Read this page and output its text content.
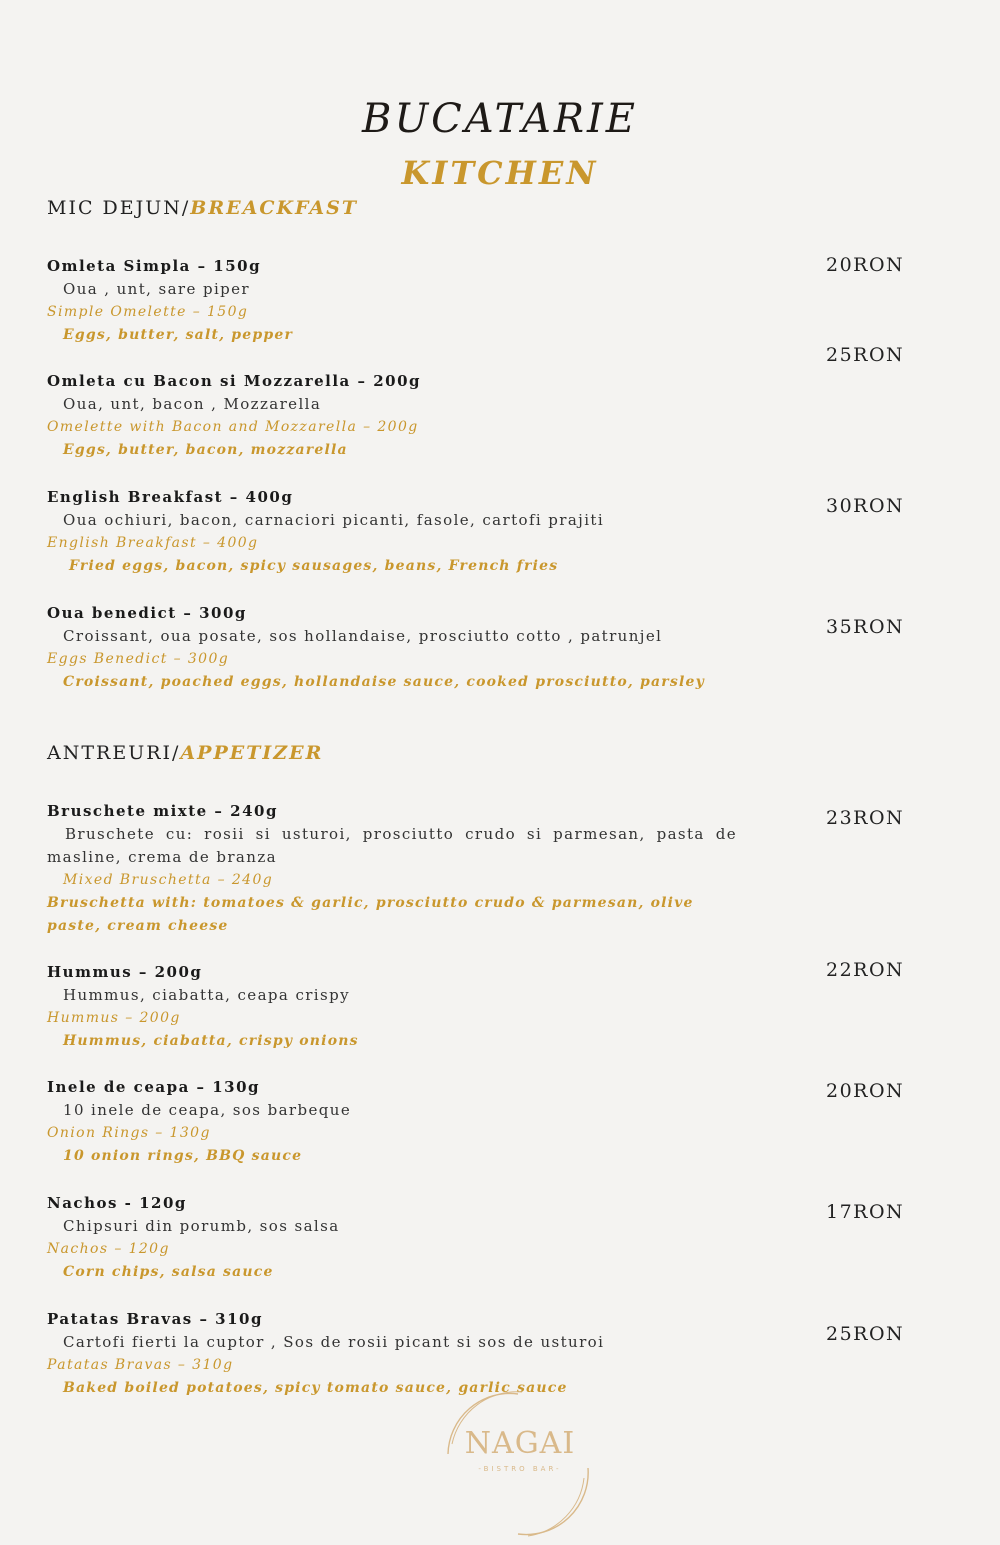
BUCATARIE
KITCHEN
MIC DEJUN/BREACKFAST
Omleta Simpla – 150g
Oua , unt, sare piper
Simple Omelette – 150g
Eggs, butter, salt, pepper
20RON
Omleta cu Bacon si Mozzarella – 200g
Oua, unt, bacon , Mozzarella
Omelette with Bacon and Mozzarella – 200g
Eggs, butter, bacon, mozzarella
25RON
English Breakfast – 400g
Oua ochiuri, bacon, carnaciori picanti, fasole, cartofi prajiti
English Breakfast – 400g
Fried eggs, bacon, spicy sausages, beans, French fries
30RON
Oua benedict – 300g
Croissant, oua posate, sos hollandaise, prosciutto cotto , patrunjel
Eggs Benedict – 300g
Croissant, poached eggs, hollandaise sauce, cooked prosciutto, parsley
35RON
ANTREURI/APPETIZER
Bruschete mixte – 240g
Bruschete cu: rosii si usturoi, prosciutto crudo si parmesan, pasta de masline, crema de branza
Mixed Bruschetta – 240g
Bruschetta with: tomatoes & garlic, prosciutto crudo & parmesan, olive paste, cream cheese
23RON
Hummus – 200g
Hummus, ciabatta, ceapa crispy
Hummus – 200g
Hummus, ciabatta, crispy onions
22RON
Inele de ceapa – 130g
10 inele de ceapa, sos barbeque
Onion Rings – 130g
10 onion rings, BBQ sauce
20RON
Nachos - 120g
Chipsuri din porumb, sos salsa
Nachos – 120g
Corn chips, salsa sauce
17RON
Patatas Bravas – 310g
Cartofi fierti la cuptor , Sos de rosii picant si sos de usturoi
Patatas Bravas – 310g
Baked boiled potatoes, spicy tomato sauce, garlic sauce
25RON
NAGAI
-BISTRO BAR-
